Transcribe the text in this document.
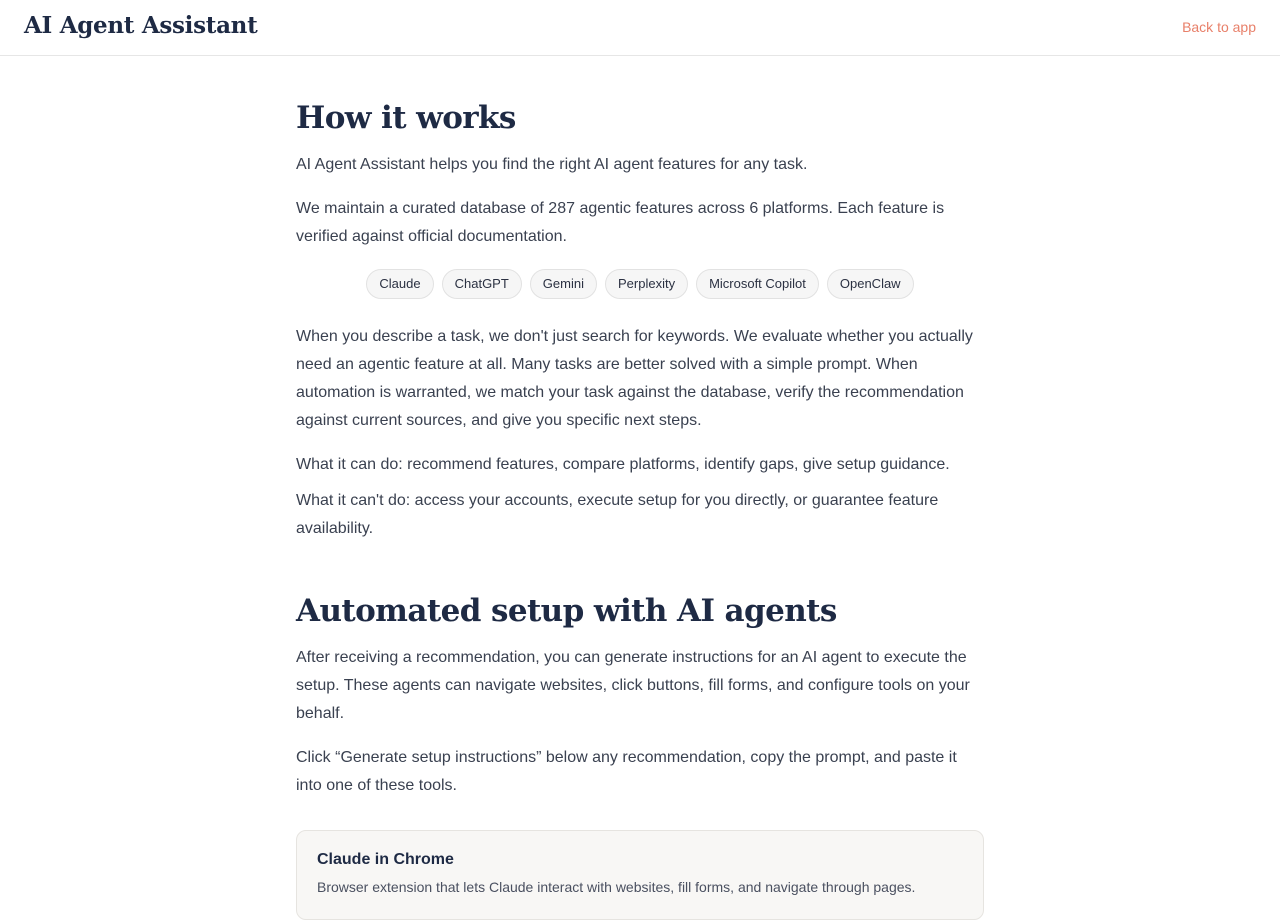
AI Agent Assistant	Back to app
How it works

AI Agent Assistant helps you find the right AI agent features for any task.

We maintain a curated database of 287 agentic features across 6 platforms. Each feature is verified against official documentation.

Claude	ChatGPT	Gemini	Perplexity	Microsoft Copilot	OpenClaw

When you describe a task, we don't just search for keywords. We evaluate whether you actually need an agentic feature at all. Many tasks are better solved with a simple prompt. When automation is warranted, we match your task against the database, verify the recommendation against current sources, and give you specific next steps.

What it can do: recommend features, compare platforms, identify gaps, give setup guidance.

What it can't do: access your accounts, execute setup for you directly, or guarantee feature availability.

Automated setup with AI agents

After receiving a recommendation, you can generate instructions for an AI agent to execute the setup. These agents can navigate websites, click buttons, fill forms, and configure tools on your behalf.

Click “Generate setup instructions” below any recommendation, copy the prompt, and paste it into one of these tools.

Claude in Chrome
Browser extension that lets Claude interact with websites, fill forms, and navigate through pages.
